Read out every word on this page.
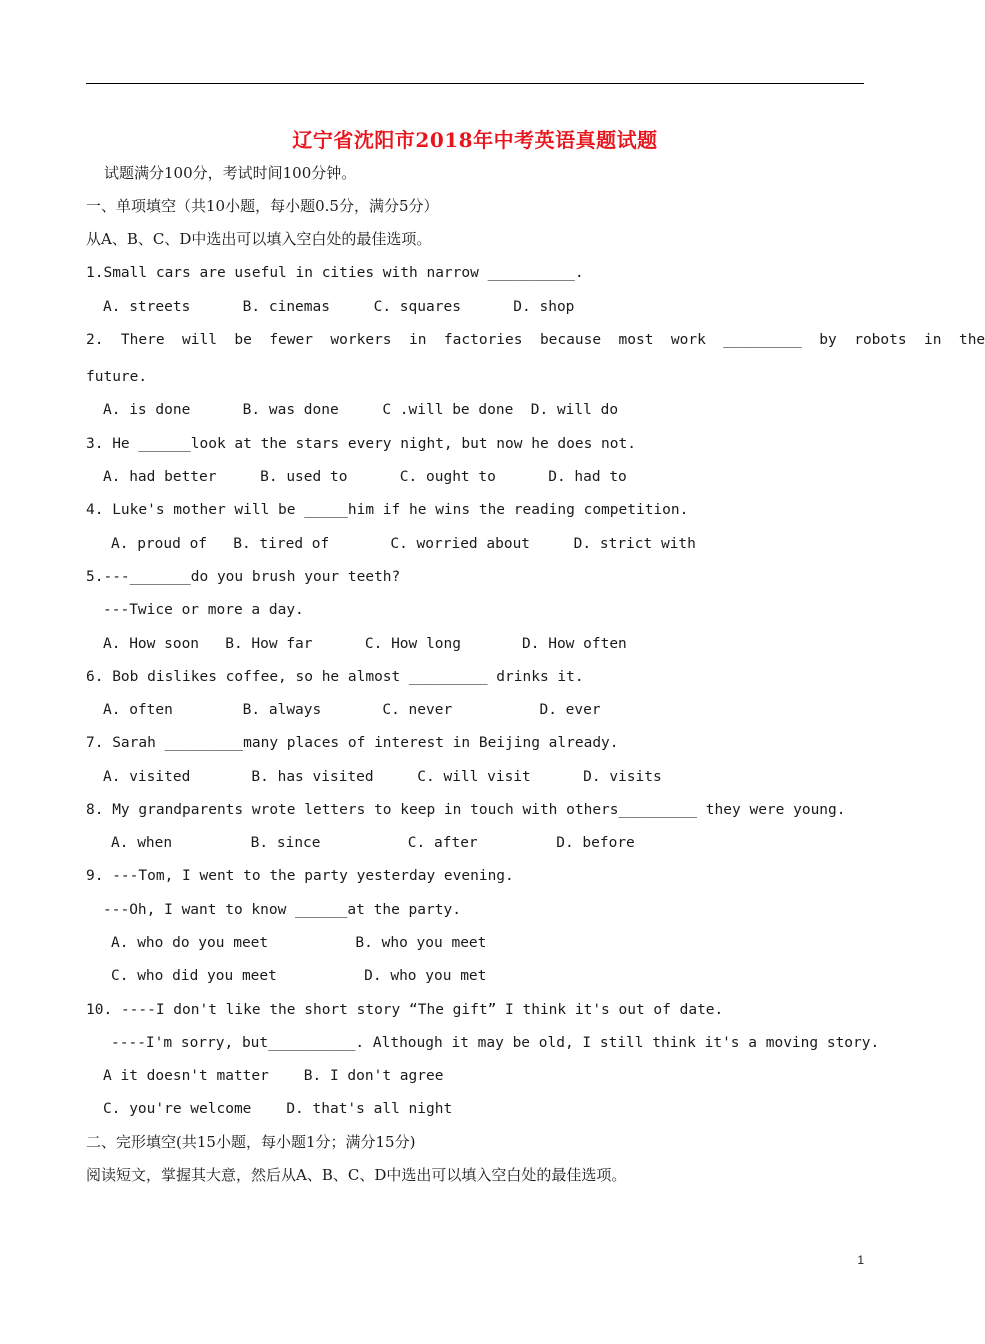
辽宁省沈阳市2018年中考英语真题试题
试题满分100分，考试时间100分钟。
一、单项填空（共10小题，每小题0.5分，满分5分）
从A、B、C、D中选出可以填入空白处的最佳选项。
1.Small cars are useful in cities with narrow __________.
A. streets      B. cinemas     C. squares      D. shop
2.  There  will  be  fewer  workers  in  factories  because  most  work  _________  by  robots  in  the
future.
A. is done      B. was done     C .will be done  D. will do
3. He ______look at the stars every night, but now he does not.
A. had better     B. used to      C. ought to      D. had to
4. Luke's mother will be _____him if he wins the reading competition.
A. proud of   B. tired of       C. worried about     D. strict with
5.---_______do you brush your teeth?
---Twice or more a day.
A. How soon   B. How far      C. How long       D. How often
6. Bob dislikes coffee, so he almost _________ drinks it.
A. often        B. always       C. never          D. ever
7. Sarah _________many places of interest in Beijing already.
A. visited       B. has visited     C. will visit      D. visits
8. My grandparents wrote letters to keep in touch with others_________ they were young.
A. when         B. since          C. after         D. before
9. ---Tom, I went to the party yesterday evening.
---Oh, I want to know ______at the party.
A. who do you meet          B. who you meet
C. who did you meet          D. who you met
10. ----I don't like the short story “The gift” I think it's out of date.
----I'm sorry, but__________. Although it may be old, I still think it's a moving story.
A it doesn't matter    B. I don't agree
C. you're welcome    D. that's all night
二、完形填空(共15小题，每小题1分；满分15分)
阅读短文，掌握其大意，然后从A、B、C、D中选出可以填入空白处的最佳选项。
1
